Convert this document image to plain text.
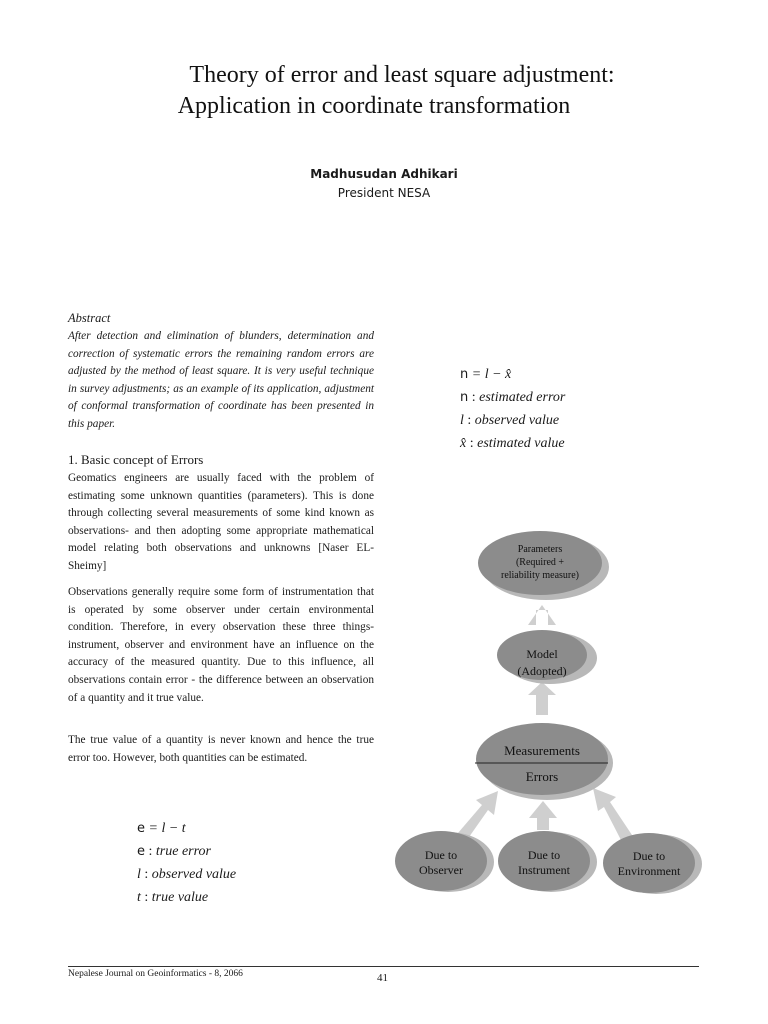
Theory of error and least square adjustment:
Application in coordinate transformation
Madhusudan Adhikari
President NESA
Abstract
After detection and elimination of blunders, determination and correction of systematic errors the remaining random errors are adjusted by the method of least square. It is very useful technique in survey adjustments; as an example of its application, adjustment of conformal transformation of coordinate has been presented in this paper.
1. Basic concept of Errors
Geomatics engineers are usually faced with the problem of estimating some unknown quantities (parameters). This is done through collecting several measurements of some kind known as observations- and then adopting some appropriate mathematical model relating both observations and unknowns [Naser EL-Sheimy]
Observations generally require some form of instrumentation that is operated by some observer under certain environmental condition. Therefore, in every observation these three things- instrument, observer and environment have an influence on the accuracy of the measured quantity. Due to this influence, all observations contain error - the difference between an observation of a quantity and it true value.
The true value of a quantity is never known and hence the true error too. However, both quantities can be estimated.
e = l − t
e : true error
l : observed value
t : true value
n = l − x̂
n : estimated error
l : observed value
x̂ : estimated value
Parameters (Required + reliability measure)
Model (Adopted)
Measurements
Errors
Due to Observer
Due to Instrument
Due to Environment
Nepalese Journal on Geoinformatics - 8, 2066	41
